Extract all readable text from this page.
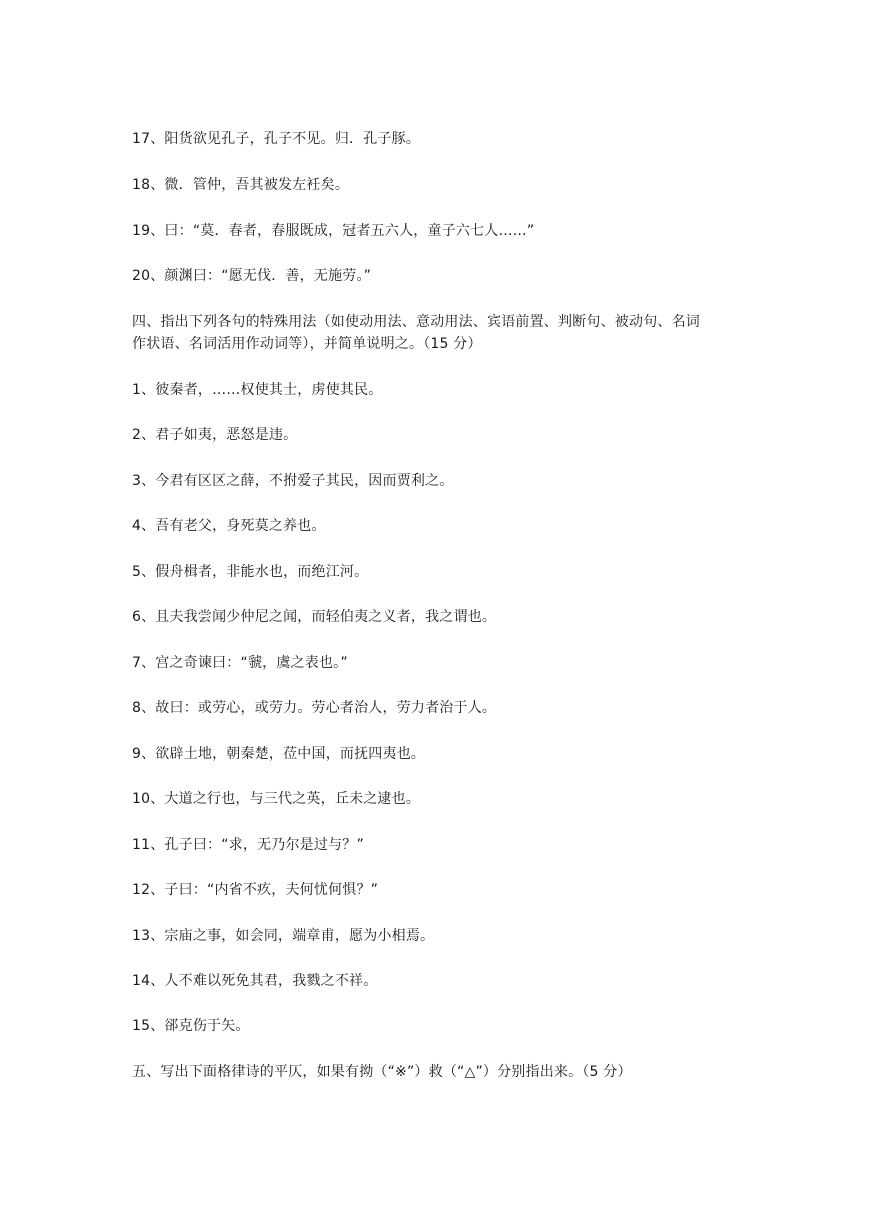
17、阳货欲见孔子，孔子不见。归．孔子豚。
18、微．管仲，吾其被发左衽矣。
19、曰：“莫．春者，春服既成，冠者五六人，童子六七人……”
20、颜渊曰：“愿无伐．善，无施劳。”
四、指出下列各句的特殊用法（如使动用法、意动用法、宾语前置、判断句、被动句、名词
作状语、名词活用作动词等），并简单说明之。（15 分）
1、彼秦者，……权使其士，虏使其民。
2、君子如夷，恶怒是违。
3、今君有区区之薛，不拊爱子其民，因而贾利之。
4、吾有老父，身死莫之养也。
5、假舟楫者，非能水也，而绝江河。
6、且夫我尝闻少仲尼之闻，而轻伯夷之义者，我之谓也。
7、宫之奇谏曰：“虢，虞之表也。”
8、故曰：或劳心，或劳力。劳心者治人，劳力者治于人。
9、欲辟土地，朝秦楚，莅中国，而抚四夷也。
10、大道之行也，与三代之英，丘未之逮也。
11、孔子曰：“求，无乃尔是过与？”
12、子曰：“内省不疚，夫何忧何惧？”
13、宗庙之事，如会同，端章甫，愿为小相焉。
14、人不难以死免其君，我戮之不祥。
15、郤克伤于矢。
五、写出下面格律诗的平仄，如果有拗（“※”）救（“△”）分别指出来。（5 分）
